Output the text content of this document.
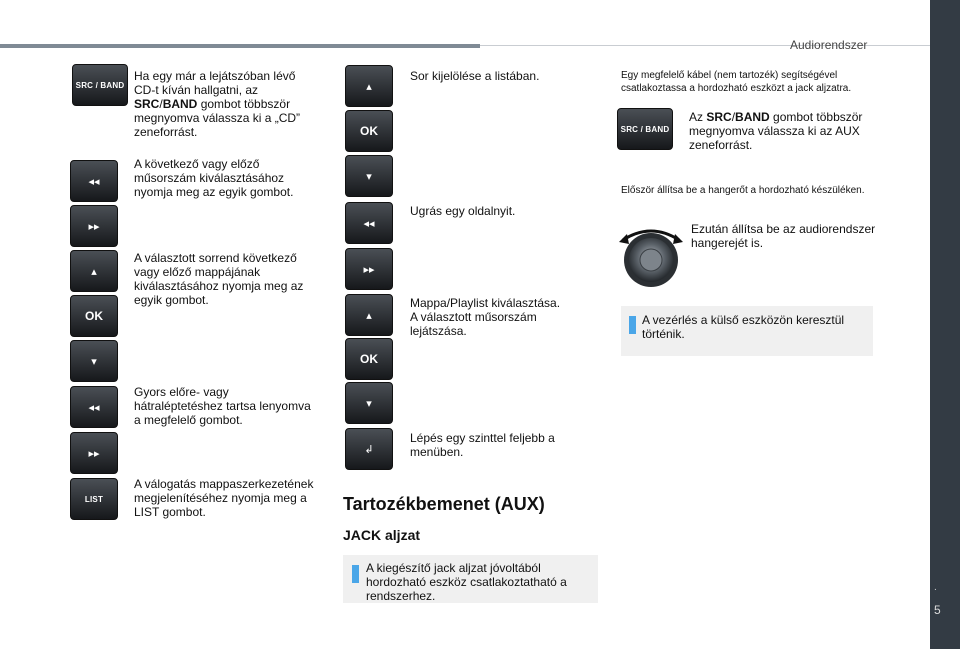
Audiorendszer
.
5
SRC / BAND
◂◂
▸▸
▴
OK
▾
◂◂
▸▸
LIST
Ha egy már a lejátszóban lévő CD-t kíván hallgatni, az SRC/BAND gombot többször megnyomva válassza ki a „CD” zeneforrást.
A következő vagy előző műsorszám kiválasztásához nyomja meg az egyik gombot.
A választott sorrend következő vagy előző mappájának kiválasztásához nyomja meg az egyik gombot.
Gyors előre- vagy hátraléptetéshez tartsa lenyomva a megfelelő gombot.
A válogatás mappaszerkezetének megjelenítéséhez nyomja meg a LIST gombot.
▴
OK
▾
◂◂
▸▸
▴
OK
▾
↲
Sor kijelölése a listában.
Ugrás egy oldalnyit.
Mappa/Playlist kiválasztása. A választott műsorszám lejátszása.
Lépés egy szinttel feljebb a menüben.
Tartozékbemenet (AUX)
JACK aljzat
A kiegészítő jack aljzat jóvoltából hordozható eszköz csatlakoztatható a rendszerhez.
Egy megfelelő kábel (nem tartozék) segítségével csatlakoztassa a hordozható eszközt a jack aljzatra.
SRC / BAND
Az SRC/BAND gombot többször megnyomva válassza ki az AUX zeneforrást.
Először állítsa be a hangerőt a hordozható készüléken.
Ezután állítsa be az audiorendszer hangerejét is.
A vezérlés a külső eszközön keresztül történik.
